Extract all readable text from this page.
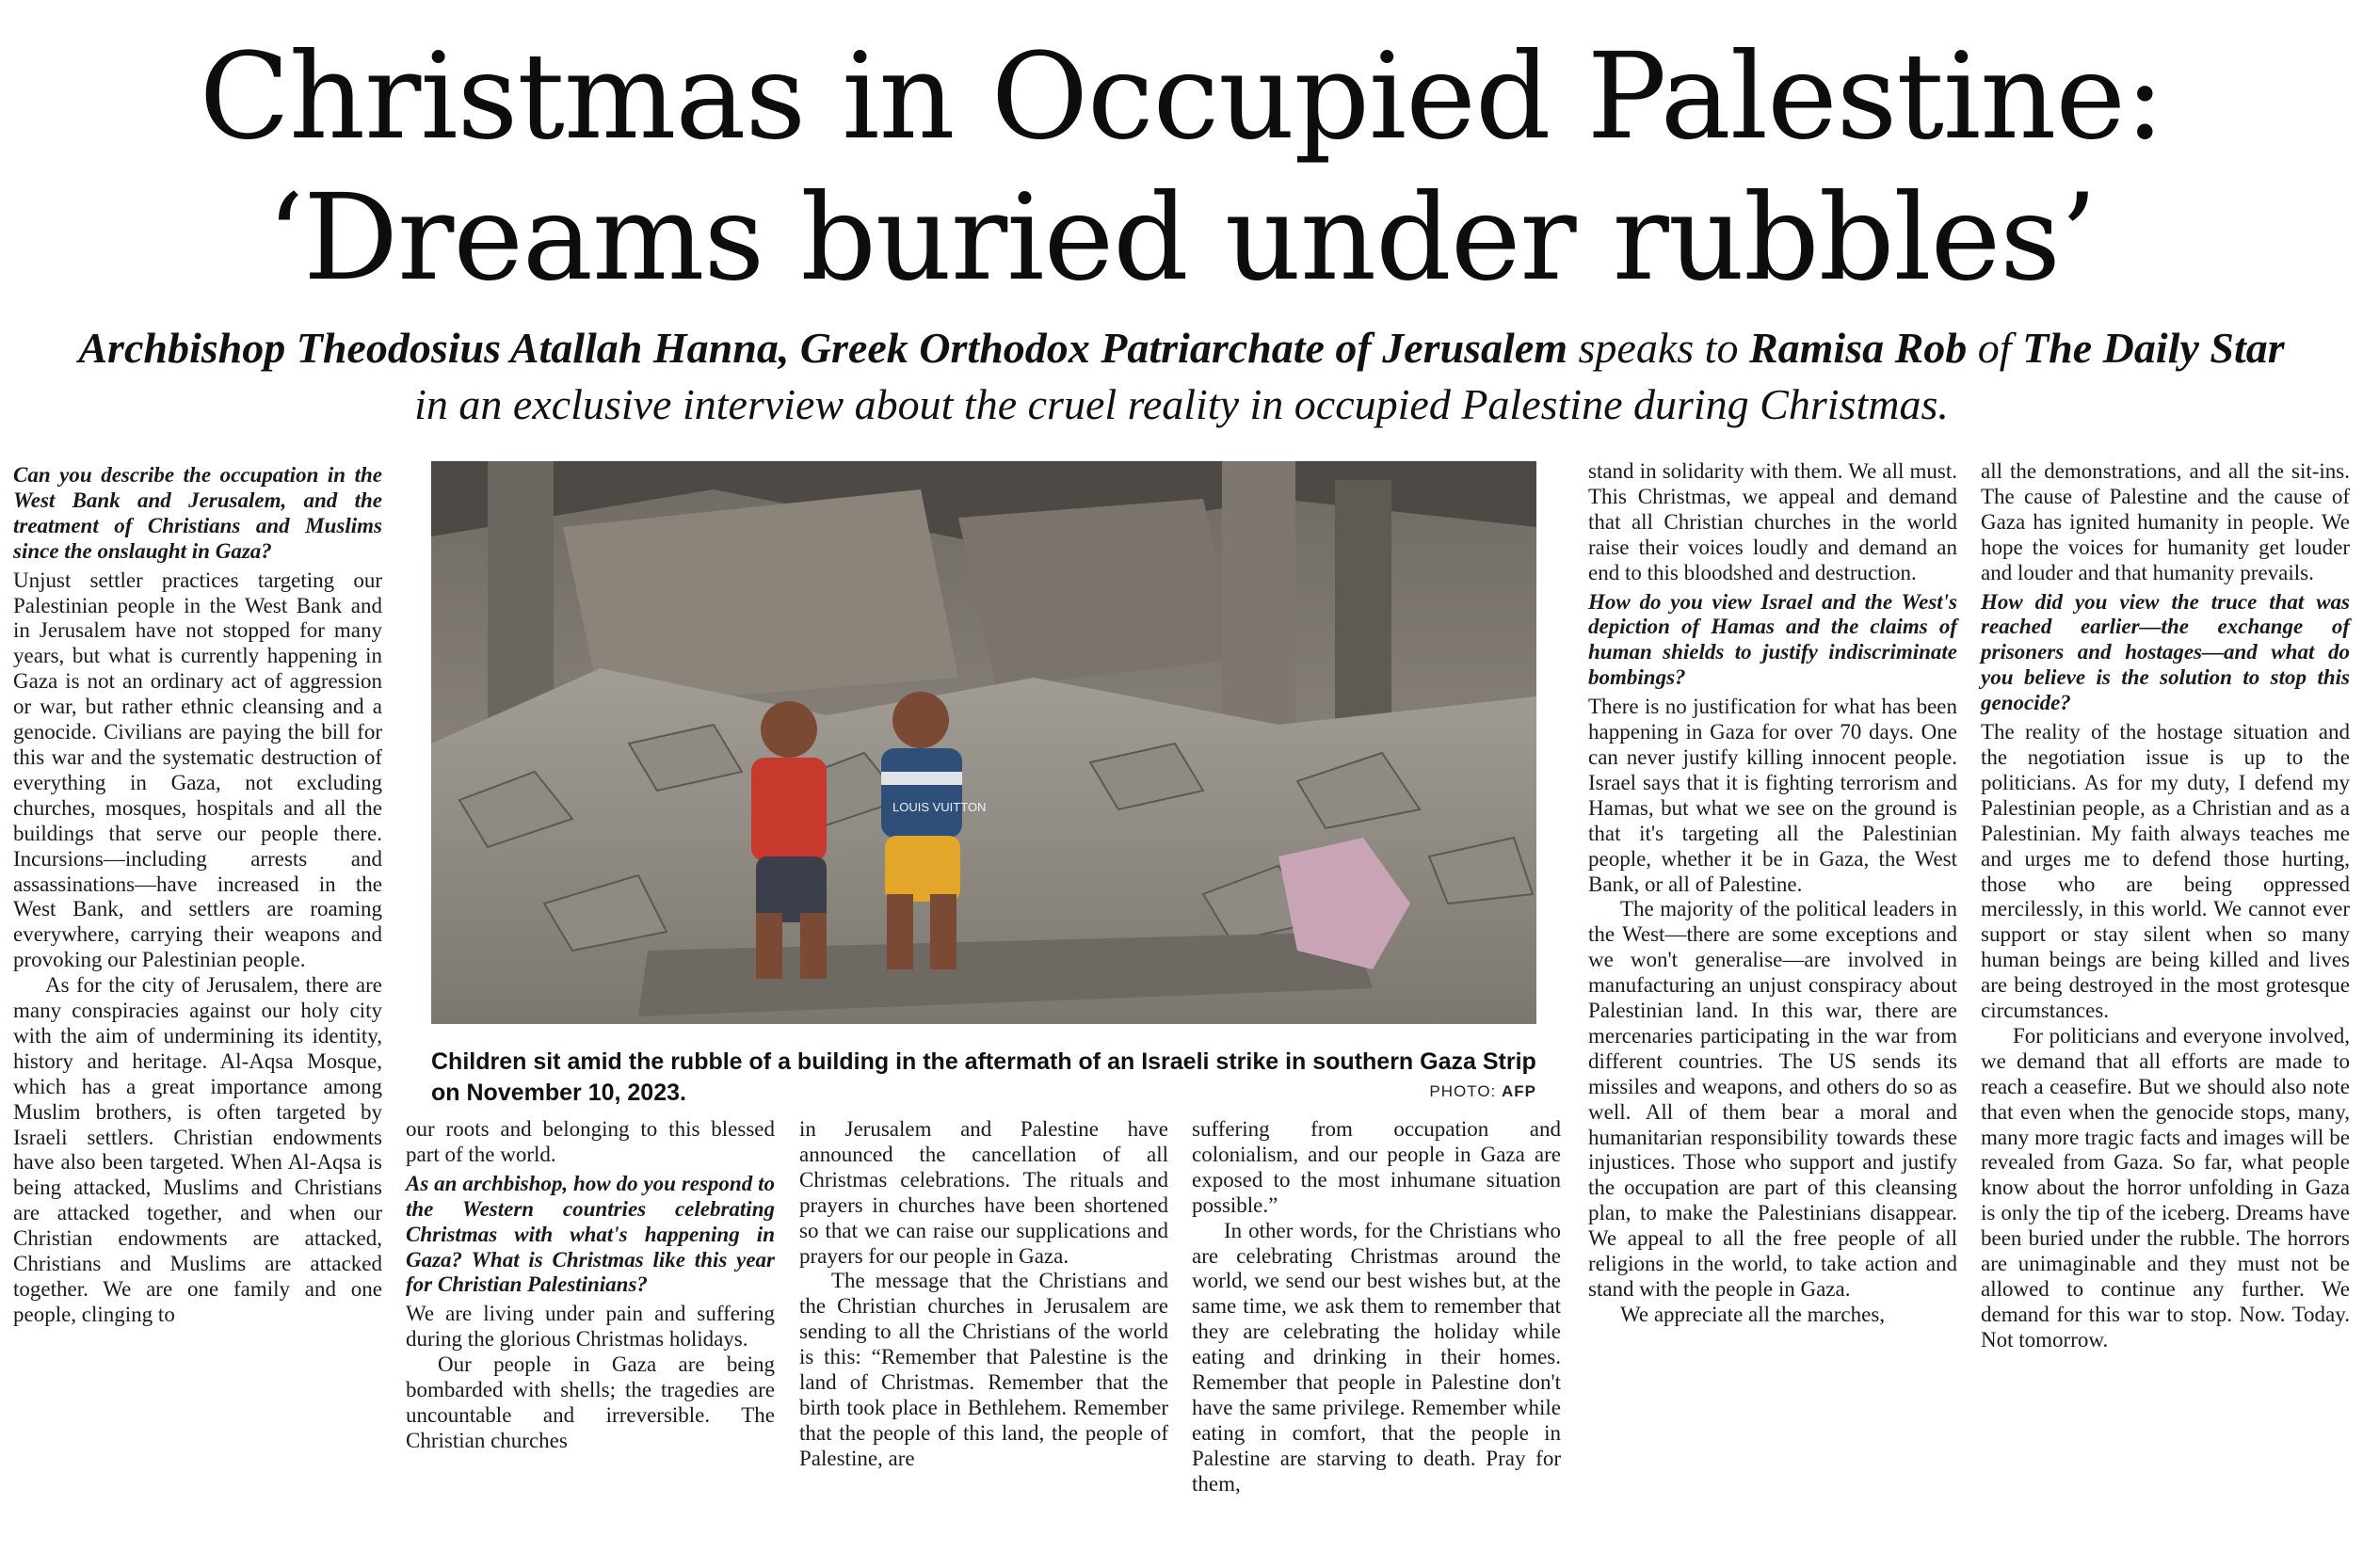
Christmas in Occupied Palestine:
‘Dreams buried under rubbles’
Archbishop Theodosius Atallah Hanna, Greek Orthodox Patriarchate of Jerusalem speaks to Ramisa Rob of The Daily Star in an exclusive interview about the cruel reality in occupied Palestine during Christmas.

Can you describe the occupation in the West Bank and Jerusalem, and the treatment of Christians and Muslims since the onslaught in Gaza?

Unjust settler practices targeting our Palestinian people in the West Bank and in Jerusalem have not stopped for many years, but what is currently happening in Gaza is not an ordinary act of aggression or war, but rather ethnic cleansing and a genocide. Civilians are paying the bill for this war and the systematic destruction of everything in Gaza, not excluding churches, mosques, hospitals and all the buildings that serve our people there. Incursions—including arrests and assassinations—have increased in the West Bank, and settlers are roaming everywhere, carrying their weapons and provoking our Palestinian people.

As for the city of Jerusalem, there are many conspiracies against our holy city with the aim of undermining its identity, history and heritage. Al-Aqsa Mosque, which has a great importance among Muslim brothers, is often targeted by Israeli settlers. Christian endowments have also been targeted. When Al-Aqsa is being attacked, Muslims and Christians are attacked together, and when our Christian endowments are attacked, Christians and Muslims are attacked together. We are one family and one people, clinging to

LOUIS VUITTON
Children sit amid the rubble of a building in the aftermath of an Israeli strike in southern Gaza Strip on November 10, 2023.	PHOTO: AFP

our roots and belonging to this blessed part of the world.

As an archbishop, how do you respond to the Western countries celebrating Christmas with what's happening in Gaza? What is Christmas like this year for Christian Palestinians?

We are living under pain and suffering during the glorious Christmas holidays.

Our people in Gaza are being bombarded with shells; the tragedies are uncountable and irreversible. The Christian churches

in Jerusalem and Palestine have announced the cancellation of all Christmas celebrations. The rituals and prayers in churches have been shortened so that we can raise our supplications and prayers for our people in Gaza.

The message that the Christians and the Christian churches in Jerusalem are sending to all the Christians of the world is this: “Remember that Palestine is the land of Christmas. Remember that the birth took place in Bethlehem. Remember that the people of this land, the people of Palestine, are

suffering from occupation and colonialism, and our people in Gaza are exposed to the most inhumane situation possible.”

In other words, for the Christians who are celebrating Christmas around the world, we send our best wishes but, at the same time, we ask them to remember that they are celebrating the holiday while eating and drinking in their homes. Remember that people in Palestine don't have the same privilege. Remember while eating in comfort, that the people in Palestine are starving to death. Pray for them,

stand in solidarity with them. We all must. This Christmas, we appeal and demand that all Christian churches in the world raise their voices loudly and demand an end to this bloodshed and destruction.

How do you view Israel and the West's depiction of Hamas and the claims of human shields to justify indiscriminate bombings?

There is no justification for what has been happening in Gaza for over 70 days. One can never justify killing innocent people. Israel says that it is fighting terrorism and Hamas, but what we see on the ground is that it's targeting all the Palestinian people, whether it be in Gaza, the West Bank, or all of Palestine.

The majority of the political leaders in the West—there are some exceptions and we won't generalise—are involved in manufacturing an unjust conspiracy about Palestinian land. In this war, there are mercenaries participating in the war from different countries. The US sends its missiles and weapons, and others do so as well. All of them bear a moral and humanitarian responsibility towards these injustices. Those who support and justify the occupation are part of this cleansing plan, to make the Palestinians disappear. We appeal to all the free people of all religions in the world, to take action and stand with the people in Gaza.

We appreciate all the marches,

all the demonstrations, and all the sit-ins. The cause of Palestine and the cause of Gaza has ignited humanity in people. We hope the voices for humanity get louder and louder and that humanity prevails.

How did you view the truce that was reached earlier—the exchange of prisoners and hostages—and what do you believe is the solution to stop this genocide?

The reality of the hostage situation and the negotiation issue is up to the politicians. As for my duty, I defend my Palestinian people, as a Christian and as a Palestinian. My faith always teaches me and urges me to defend those hurting, those who are being oppressed mercilessly, in this world. We cannot ever support or stay silent when so many human beings are being killed and lives are being destroyed in the most grotesque circumstances.

For politicians and everyone involved, we demand that all efforts are made to reach a ceasefire. But we should also note that even when the genocide stops, many, many more tragic facts and images will be revealed from Gaza. So far, what people know about the horror unfolding in Gaza is only the tip of the iceberg. Dreams have been buried under the rubble. The horrors are unimaginable and they must not be allowed to continue any further. We demand for this war to stop. Now. Today. Not tomorrow.
